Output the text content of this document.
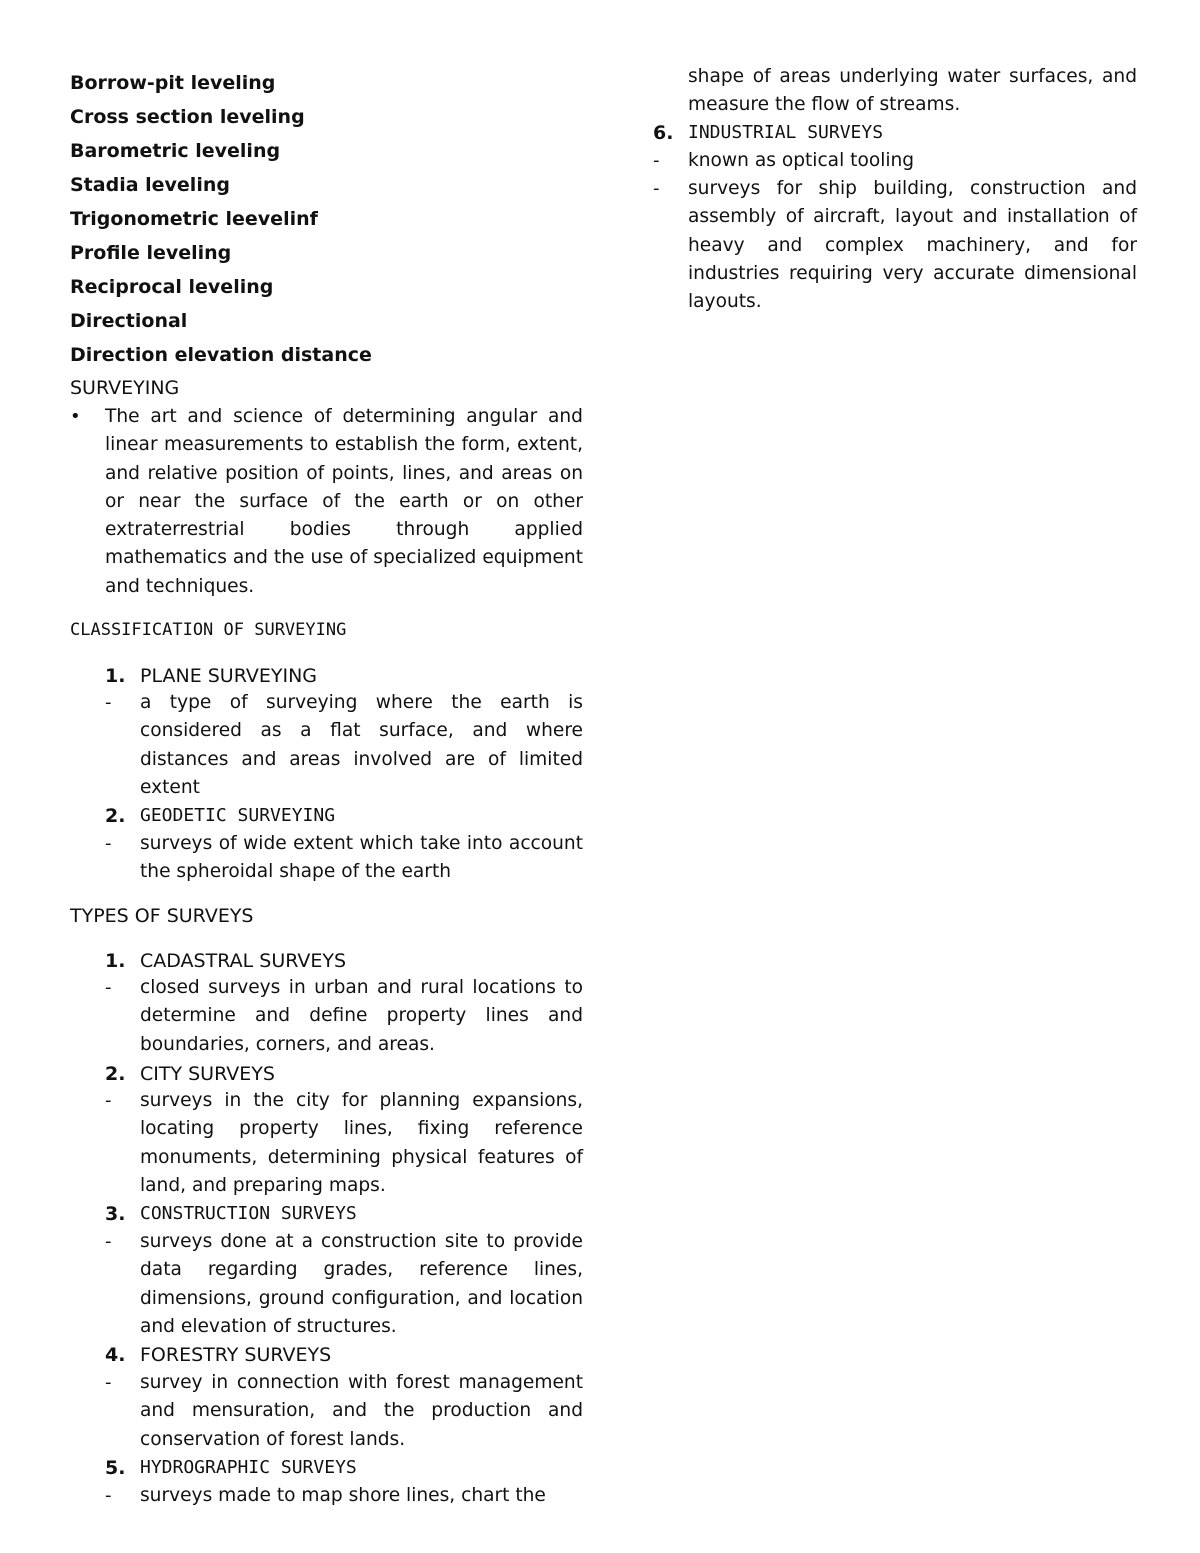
Borrow-pit leveling
Cross section leveling
Barometric leveling
Stadia leveling
Trigonometric leevelinf
Profile leveling
Reciprocal leveling
Directional
Direction elevation distance
SURVEYING
• The art and science of determining angular and linear measurements to establish the form, extent, and relative position of points, lines, and areas on or near the surface of the earth or on other extraterrestrial bodies through applied mathematics and the use of specialized equipment and techniques.
CLASSIFICATION OF SURVEYING
1. PLANE SURVEYING
- a type of surveying where the earth is considered as a flat surface, and where distances and areas involved are of limited extent
2. GEODETIC SURVEYING
- surveys of wide extent which take into account the spheroidal shape of the earth
TYPES OF SURVEYS
1. CADASTRAL SURVEYS
- closed surveys in urban and rural locations to determine and define property lines and boundaries, corners, and areas.
2. CITY SURVEYS
- surveys in the city for planning expansions, locating property lines, fixing reference monuments, determining physical features of land, and preparing maps.
3. CONSTRUCTION SURVEYS
- surveys done at a construction site to provide data regarding grades, reference lines, dimensions, ground configuration, and location and elevation of structures.
4. FORESTRY SURVEYS
- survey in connection with forest management and mensuration, and the production and conservation of forest lands.
5. HYDROGRAPHIC SURVEYS
- surveys made to map shore lines, chart the
shape of areas underlying water surfaces, and measure the flow of streams.
6. INDUSTRIAL SURVEYS
- known as optical tooling
- surveys for ship building, construction and assembly of aircraft, layout and installation of heavy and complex machinery, and for industries requiring very accurate dimensional layouts.
